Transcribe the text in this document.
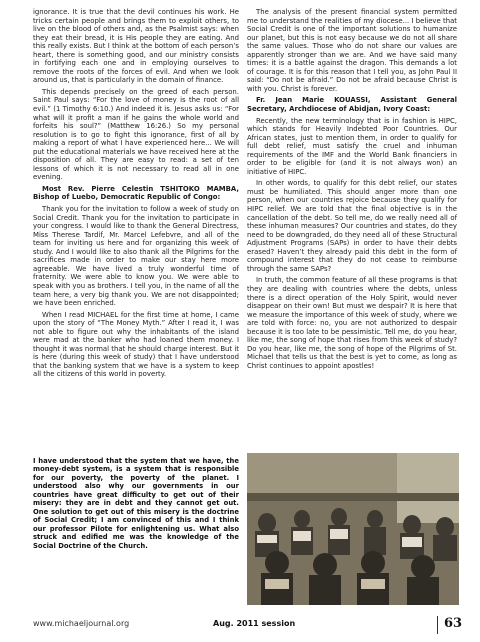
ignorance. It is true that the devil continues his work. He tricks certain people and brings them to exploit others, to live on the blood of others and, as the Psalmist says: when they eat their bread, it is His people they are eating. And this really exists. But I think at the bottom of each person’s heart, there is something good, and our ministry consists in fortifying each one and in employing ourselves to remove the roots of the forces of evil. And when we look around us, that is particularly in the domain of finance.

This depends precisely on the greed of each person. Saint Paul says: “For the love of money is the root of all evil.” (1 Timothy 6:10.) And indeed it is. Jesus asks us: “For what will it profit a man if he gains the whole world and forfeits his soul?” (Matthew 16:26.) So my personal resolution is to go to fight this ignorance, first of all by making a report of what I have experienced here... We will put the educational materials we have received here at the disposition of all. They are easy to read: a set of ten lessons of which it is not necessary to read all in one evening.

Most Rev. Pierre Celestin TSHITOKO MAMBA, Bishop of Luebo, Democratic Republic of Congo:

Thank you for the invitation to follow a week of study on Social Credit. Thank you for the invitation to participate in your congress. I would like to thank the General Directress, Miss Therese Tardif, Mr. Marcel Lefebvre, and all of the team for inviting us here and for organizing this week of study. And I would like to also thank all the Pilgrims for the sacrifices made in order to make our stay here more agreeable. We have lived a truly wonderful time of fraternity. We were able to know you. We were able to speak with you as brothers. I tell you, in the name of all the team here, a very big thank you. We are not disappointed; we have been enriched.

When I read MICHAEL for the first time at home, I came upon the story of “The Money Myth.” After I read it, I was not able to figure out why the inhabitants of the island were mad at the banker who had loaned them money. I thought it was normal that he should charge interest. But it is here (during this week of study) that I have understood that the banking system that we have is a system to keep all the citizens of this world in poverty.

I have understood that the system that we have, the money-debt system, is a system that is responsible for our poverty, the poverty of the planet. I understood also why our governments in our countries have great difficulty to get out of their misery: they are in debt and they cannot get out. One solution to get out of this misery is the doctrine of Social Credit; I am convinced of this and I think our professor Pilote for enlightening us. What also struck and edified me was the knowledge of the Social Doctrine of the Church.

The analysis of the present financial system permitted me to understand the realities of my diocese... I believe that Social Credit is one of the important solutions to humanize our planet, but this is not easy because we do not all share the same values. Those who do not share our values are apparently stronger than we are. And we have said many times: it is a battle against the dragon. This demands a lot of courage. It is for this reason that I tell you, as John Paul II said: “Do not be afraid.” Do not be afraid because Christ is with you. Christ is forever.

Fr. Jean Marie KOUASSI, Assistant General Secretary, Archdiocese of Abidjan, Ivory Coast:

Recently, the new terminology that is in fashion is HIPC, which stands for Heavily Indebted Poor Countries. Our African states, just to mention them, in order to qualify for full debt relief, must satisfy the cruel and inhuman requirements of the IMF and the World Bank financiers in order to be eligible for (and it is not always won) an initiative of HIPC.

In other words, to qualify for this debt relief, our states must be humiliated. This should anger more than one person, when our countries rejoice because they qualify for HIPC relief. We are told that the final objective is in the cancellation of the debt. So tell me, do we really need all of these inhuman measures? Our countries and states, do they need to be downgraded, do they need all of these Structural Adjustment Programs (SAPs) in order to have their debts erased? Haven’t they already paid this debt in the form of compound interest that they do not cease to reimburse through the same SAPs?

In truth, the common feature of all these programs is that they are dealing with countries where the debts, unless there is a direct operation of the Holy Spirit, would never disappear on their own! But must we despair? It is here that we measure the importance of this week of study, where we are told with force: no, you are not authorized to despair because it is too late to be pessimistic. Tell me, do you hear, like me, the song of hope that rises from this week of study? Do you hear, like me, the song of hope of the Pilgrims of St. Michael that tells us that the best is yet to come, as long as Christ continues to appoint apostles!

www.michaeljournal.org	Aug. 2011 session	63
